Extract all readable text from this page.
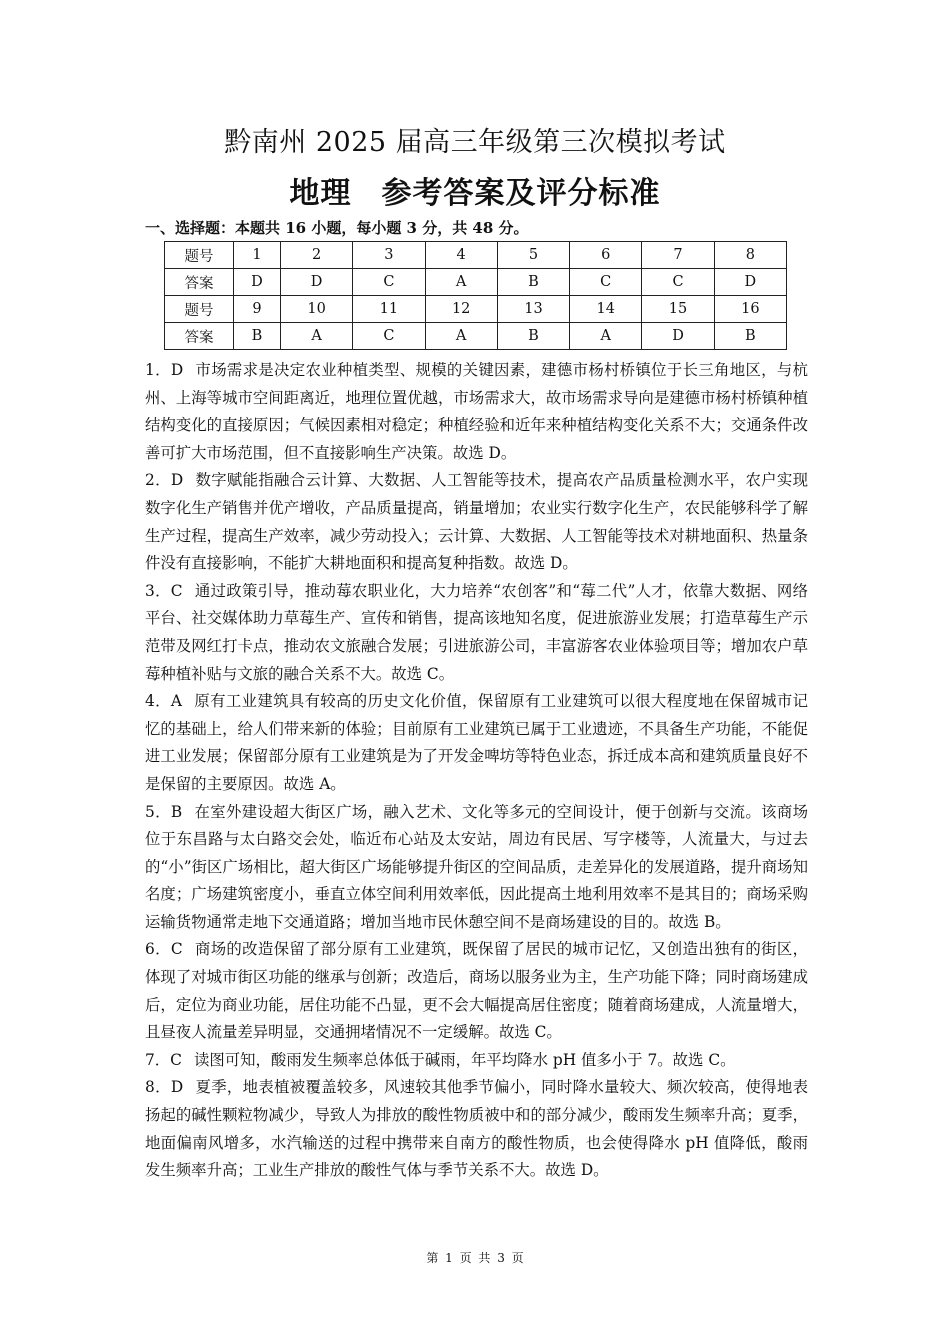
黔南州 2025 届高三年级第三次模拟考试
地理 参考答案及评分标准
一、选择题：本题共 16 小题，每小题 3 分，共 48 分。
题号	1	2	3	4	5	6	7	8
答案	D	D	C	A	B	C	C	D
题号	9	10	11	12	13	14	15	16
答案	B	A	C	A	B	A	D	B

1．D 市场需求是决定农业种植类型、规模的关键因素，建德市杨村桥镇位于长三角地区，与杭州、上海等城市空间距离近，地理位置优越，市场需求大，故市场需求导向是建德市杨村桥镇种植结构变化的直接原因；气候因素相对稳定；种植经验和近年来种植结构变化关系不大；交通条件改善可扩大市场范围，但不直接影响生产决策。故选 D。

2．D 数字赋能指融合云计算、大数据、人工智能等技术，提高农产品质量检测水平，农户实现数字化生产销售并优产增收，产品质量提高，销量增加；农业实行数字化生产，农民能够科学了解生产过程，提高生产效率，减少劳动投入；云计算、大数据、人工智能等技术对耕地面积、热量条件没有直接影响，不能扩大耕地面积和提高复种指数。故选 D。

3．C 通过政策引导，推动莓农职业化，大力培养“农创客”和“莓二代”人才，依靠大数据、网络平台、社交媒体助力草莓生产、宣传和销售，提高该地知名度，促进旅游业发展；打造草莓生产示范带及网红打卡点，推动农文旅融合发展；引进旅游公司，丰富游客农业体验项目等；增加农户草莓种植补贴与文旅的融合关系不大。故选 C。

4．A 原有工业建筑具有较高的历史文化价值，保留原有工业建筑可以很大程度地在保留城市记忆的基础上，给人们带来新的体验；目前原有工业建筑已属于工业遗迹，不具备生产功能，不能促进工业发展；保留部分原有工业建筑是为了开发金啤坊等特色业态，拆迁成本高和建筑质量良好不是保留的主要原因。故选 A。

5．B 在室外建设超大街区广场，融入艺术、文化等多元的空间设计，便于创新与交流。该商场位于东昌路与太白路交会处，临近布心站及太安站，周边有民居、写字楼等，人流量大，与过去的“小”街区广场相比，超大街区广场能够提升街区的空间品质，走差异化的发展道路，提升商场知名度；广场建筑密度小，垂直立体空间利用效率低，因此提高土地利用效率不是其目的；商场采购运输货物通常走地下交通道路；增加当地市民休憩空间不是商场建设的目的。故选 B。

6．C 商场的改造保留了部分原有工业建筑，既保留了居民的城市记忆，又创造出独有的街区，体现了对城市街区功能的继承与创新；改造后，商场以服务业为主，生产功能下降；同时商场建成后，定位为商业功能，居住功能不凸显，更不会大幅提高居住密度；随着商场建成，人流量增大，且昼夜人流量差异明显，交通拥堵情况不一定缓解。故选 C。

7．C 读图可知，酸雨发生频率总体低于碱雨，年平均降水 pH 值多小于 7。故选 C。

8．D 夏季，地表植被覆盖较多，风速较其他季节偏小，同时降水量较大、频次较高，使得地表扬起的碱性颗粒物减少，导致人为排放的酸性物质被中和的部分减少，酸雨发生频率升高；夏季，地面偏南风增多，水汽输送的过程中携带来自南方的酸性物质，也会使得降水 pH 值降低，酸雨发生频率升高；工业生产排放的酸性气体与季节关系不大。故选 D。

第 1 页 共 3 页
